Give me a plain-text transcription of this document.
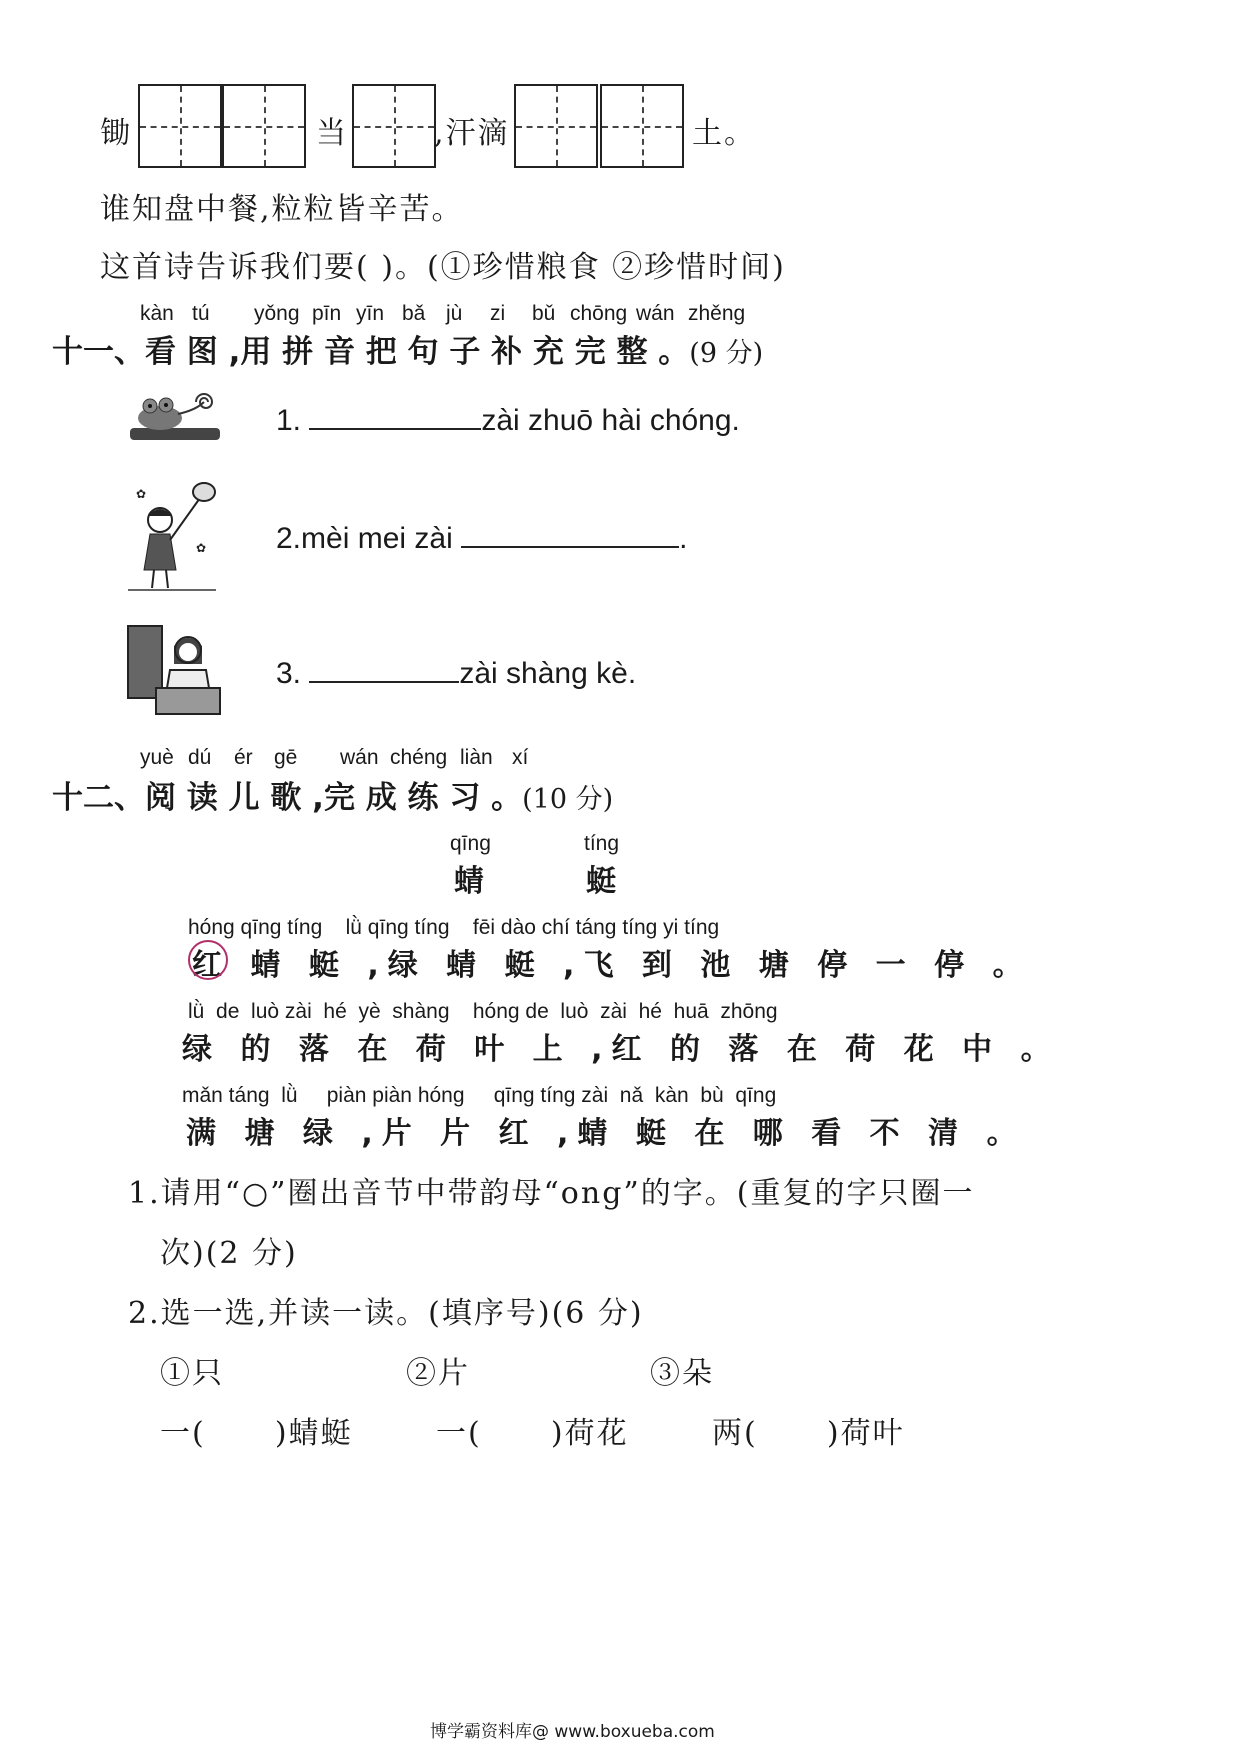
锄	当	,汗滴	土。
谁知盘中餐,粒粒皆辛苦。
这首诗告诉我们要( )。(①珍惜粮食 ②珍惜时间)
kàn tú yǒng pīn yīn bǎ jù zi bǔ chōng wán zhěng
十一、看 图 ,用 拼 音 把 句 子 补 充 完 整 。(9 分)
1.	zài zhuō hài chóng.
✿
✿ 2.mèi mei zài	.
3.	zài shàng kè.
yuè dú ér gē wán chéng liàn xí
十二、阅 读 儿 歌 ,完 成 练 习 。(10 分)
qīng	tíng
蜻	蜓
hóng qīng tíng    lǜ qīng tíng    fēi dào chí táng tíng yi tíng
红 蜻 蜓 ,绿 蜻 蜓 ,飞 到 池 塘 停 一 停 。
lǜ  de  luò zài  hé  yè  shàng    hóng de  luò  zài  hé  huā  zhōng
绿 的 落 在 荷 叶 上 ,红 的 落 在 荷 花 中 。
mǎn táng  lǜ     piàn piàn hóng     qīng tíng zài  nǎ  kàn  bù  qīng
满 塘 绿 ,片 片 红 ,蜻 蜓 在 哪 看 不 清 。
1.请用“○”圈出音节中带韵母“ong”的字。(重复的字只圈一
次)(2 分)
2.选一选,并读一读。(填序号)(6 分)
①只	②片	③朵
一(      )蜻蜓	一(      )荷花	两(      )荷叶
博学霸资料库@ www.boxueba.com
